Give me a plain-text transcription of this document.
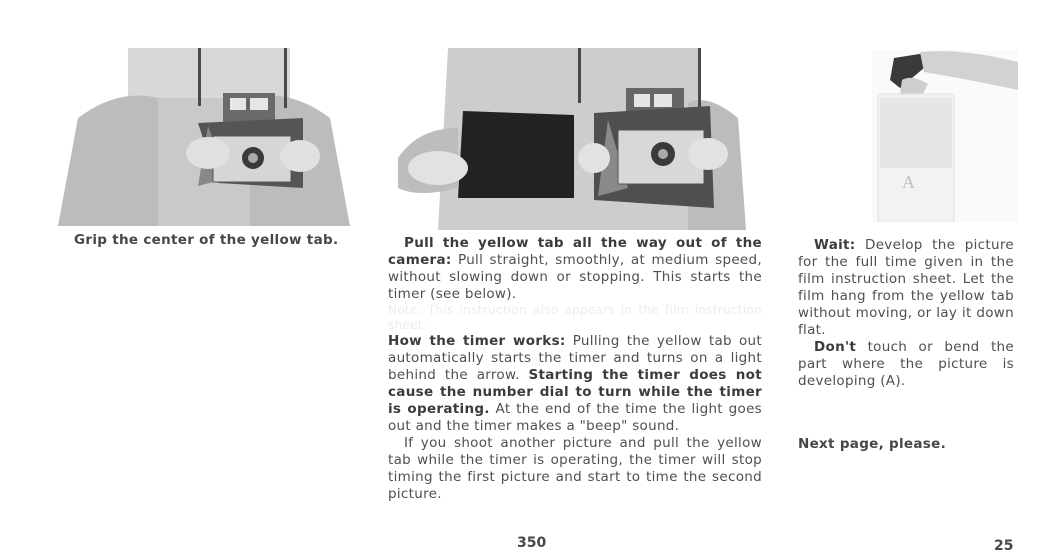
A
Grip the center of the yellow tab.	Pull the yellow tab all the way out of the camera: Pull straight, smoothly, at medium speed, without slowing down or stopping. This starts the timer (see below).

Note: This instruction also appears in the film instruction sheet.

How the timer works: Pulling the yellow tab out automatically starts the timer and turns on a light behind the arrow. Starting the timer does not cause the number dial to turn while the timer is operating. At the end of the time the light goes out and the timer makes a "beep" sound.

If you shoot another picture and pull the yellow tab while the timer is operating, the timer will stop timing the first picture and start to time the second picture.

Wait: Develop the picture for the full time given in the film instruction sheet. Let the film hang from the yellow tab without moving, or lay it down flat.

Don't touch or bend the part where the picture is developing (A).

Next page, please.
350	25
